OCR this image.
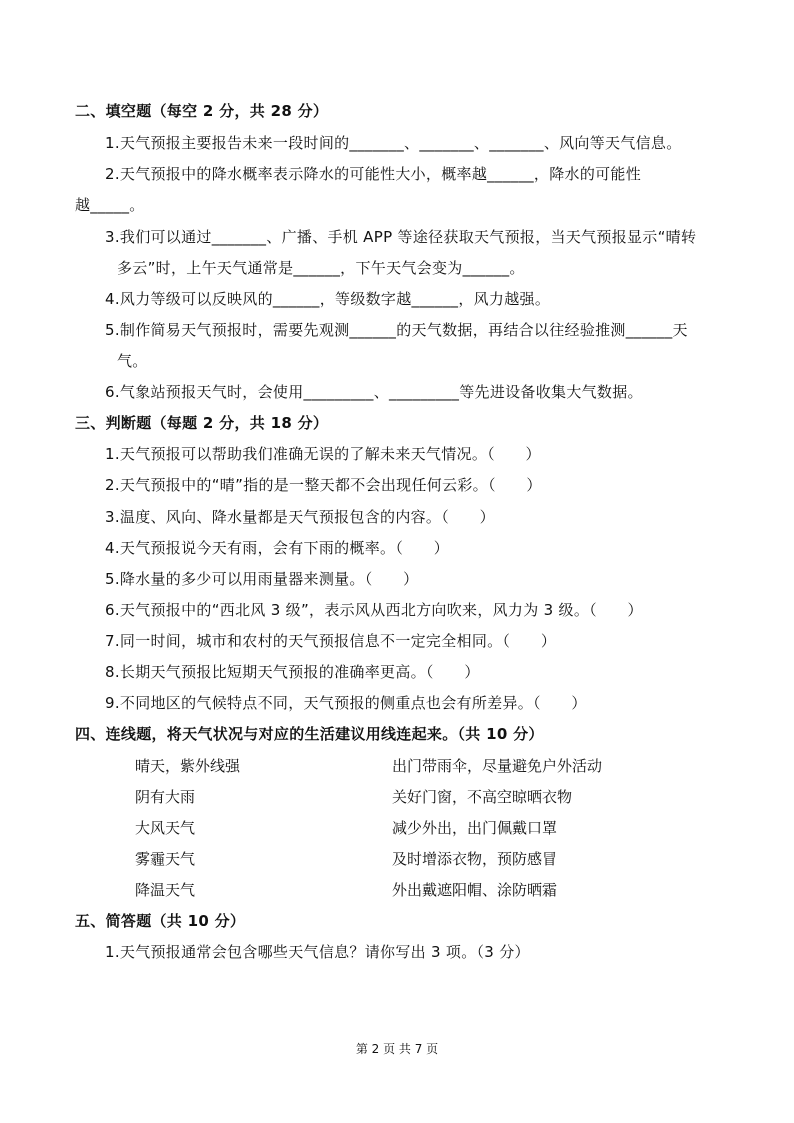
二、填空题（每空 2 分，共 28 分）
1.天气预报主要报告未来一段时间的_______、_______、_______、风向等天气信息。
2.天气预报中的降水概率表示降水的可能性大小，概率越______，降水的可能性
越_____。
3.我们可以通过_______、广播、手机 APP 等途径获取天气预报，当天气预报显示“晴转
多云”时，上午天气通常是______，下午天气会变为______。
4.风力等级可以反映风的______，等级数字越______，风力越强。
5.制作简易天气预报时，需要先观测______的天气数据，再结合以往经验推测______天
气。
6.气象站预报天气时，会使用_________、_________等先进设备收集大气数据。
三、判断题（每题 2 分，共 18 分）
1.天气预报可以帮助我们准确无误的了解未来天气情况。（　　）
2.天气预报中的“晴”指的是一整天都不会出现任何云彩。（　　）
3.温度、风向、降水量都是天气预报包含的内容。（　　）
4.天气预报说今天有雨，会有下雨的概率。（　　）
5.降水量的多少可以用雨量器来测量。（　　）
6.天气预报中的“西北风 3 级”，表示风从西北方向吹来，风力为 3 级。（　　）
7.同一时间，城市和农村的天气预报信息不一定完全相同。（　　）
8.长期天气预报比短期天气预报的准确率更高。（　　）
9.不同地区的气候特点不同，天气预报的侧重点也会有所差异。（　　）
四、连线题，将天气状况与对应的生活建议用线连起来。（共 10 分）
晴天，紫外线强	出门带雨伞，尽量避免户外活动
阴有大雨	关好门窗，不高空晾晒衣物
大风天气	减少外出，出门佩戴口罩
雾霾天气	及时增添衣物，预防感冒
降温天气	外出戴遮阳帽、涂防晒霜
五、简答题（共 10 分）
1.天气预报通常会包含哪些天气信息？请你写出 3 项。（3 分）
第 2 页 共 7 页
